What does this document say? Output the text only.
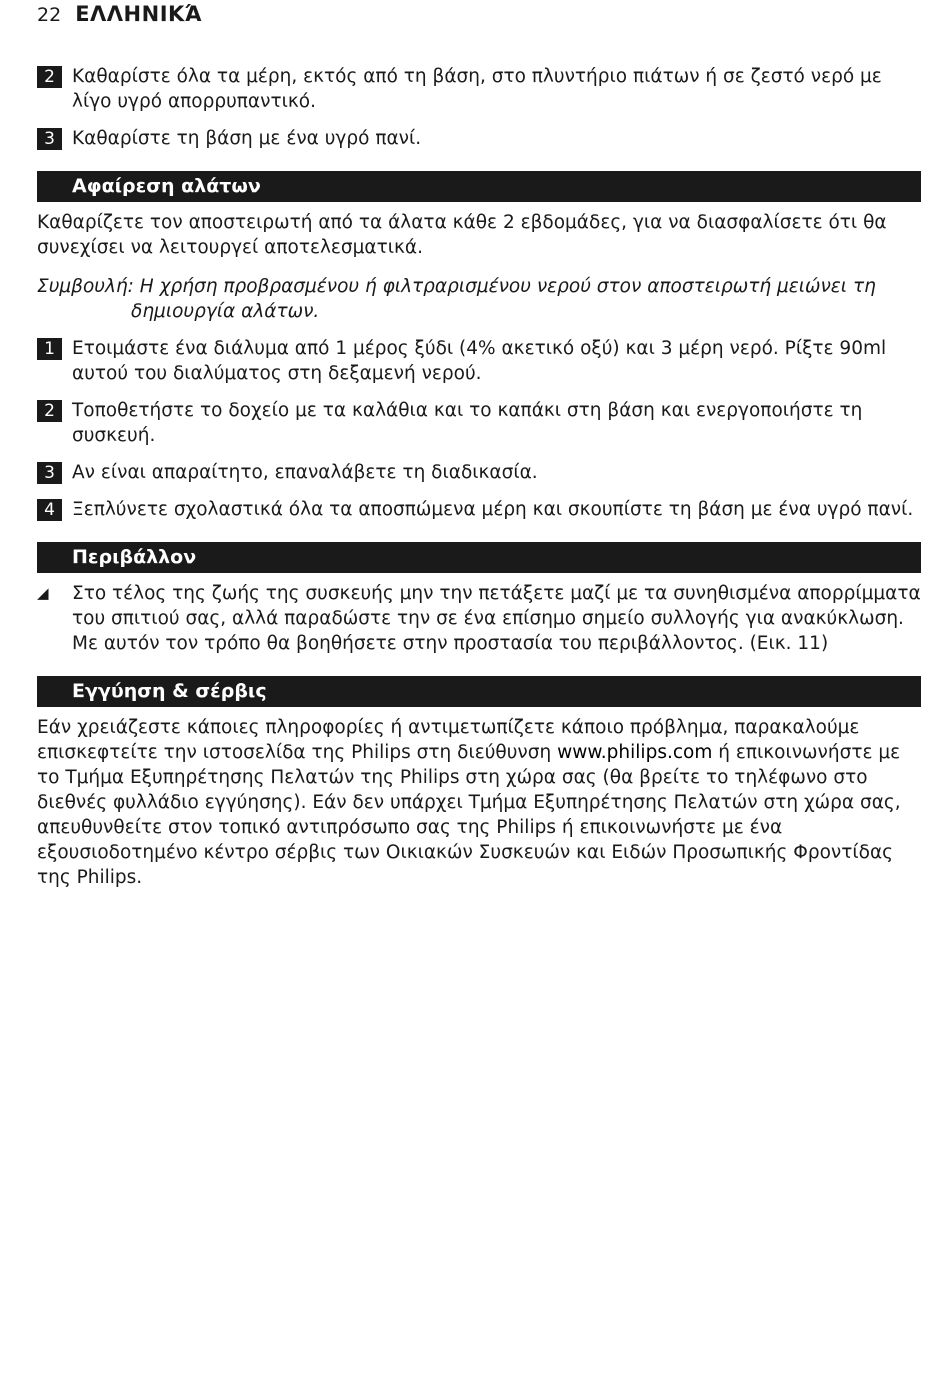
22 ΕΛΛΗΝΙΚΆ
2 Καθαρίστε όλα τα μέρη, εκτός από τη βάση, στο πλυντήριο πιάτων ή σε ζεστό νερό με λίγο υγρό απορρυπαντικό.
3 Καθαρίστε τη βάση με ένα υγρό πανί.
Αφαίρεση αλάτων

Καθαρίζετε τον αποστειρωτή από τα άλατα κάθε 2 εβδομάδες, για να διασφαλίσετε ότι θα συνεχίσει να λειτουργεί αποτελεσματικά.

Συμβουλή: Η χρήση προβρασμένου ή φιλτραρισμένου νερού στον αποστειρωτή μειώνει τη δημιουργία αλάτων.

1 Ετοιμάστε ένα διάλυμα από 1 μέρος ξύδι (4% ακετικό οξύ) και 3 μέρη νερό. Ρίξτε 90ml αυτού του διαλύματος στη δεξαμενή νερού.
2 Τοποθετήστε το δοχείο με τα καλάθια και το καπάκι στη βάση και ενεργοποιήστε τη συσκευή.
3 Αν είναι απαραίτητο, επαναλάβετε τη διαδικασία.
4 Ξεπλύνετε σχολαστικά όλα τα αποσπώμενα μέρη και σκουπίστε τη βάση με ένα υγρό πανί.
Περιβάλλον
◢	Στο τέλος της ζωής της συσκευής μην την πετάξετε μαζί με τα συνηθισμένα απορρίμματα του σπιτιού σας, αλλά παραδώστε την σε ένα επίσημο σημείο συλλογής για ανακύκλωση. Με αυτόν τον τρόπο θα βοηθήσετε στην προστασία του περιβάλλοντος. (Εικ. 11)
Εγγύηση & σέρβις

Εάν χρειάζεστε κάποιες πληροφορίες ή αντιμετωπίζετε κάποιο πρόβλημα, παρακαλούμε επισκεφτείτε την ιστοσελίδα της Philips στη διεύθυνση www.philips.com ή επικοινωνήστε με το Τμήμα Εξυπηρέτησης Πελατών της Philips στη χώρα σας (θα βρείτε το τηλέφωνο στο διεθνές φυλλάδιο εγγύησης). Εάν δεν υπάρχει Τμήμα Εξυπηρέτησης Πελατών στη χώρα σας, απευθυνθείτε στον τοπικό αντιπρόσωπο σας της Philips ή επικοινωνήστε με ένα εξουσιοδοτημένο κέντρο σέρβις των Οικιακών Συσκευών και Ειδών Προσωπικής Φροντίδας της Philips.
